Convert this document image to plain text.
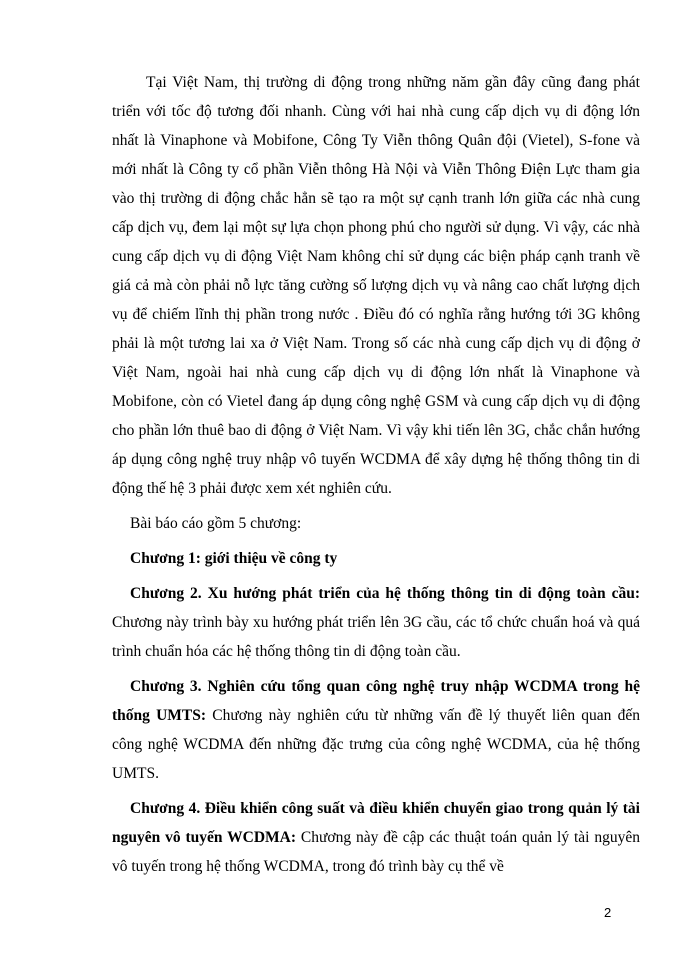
Tại Việt Nam, thị trường di động trong những năm gần đây cũng đang phát triển với tốc độ tương đối nhanh. Cùng với hai nhà cung cấp dịch vụ di động lớn nhất là Vinaphone và Mobifone, Công Ty Viễn thông Quân đội (Vietel), S-fone và mới nhất là Công ty cổ phần Viễn thông Hà Nội và Viễn Thông Điện Lực tham gia vào thị trường di động chắc hẳn sẽ tạo ra một sự cạnh tranh lớn giữa các nhà cung cấp dịch vụ, đem lại một sự lựa chọn phong phú cho người sử dụng. Vì vậy, các nhà cung cấp dịch vụ di động Việt Nam không chỉ sử dụng các biện pháp cạnh tranh về giá cả mà còn phải nỗ lực tăng cường số lượng dịch vụ và nâng cao chất lượng dịch vụ để chiếm lĩnh thị phần trong nước . Điều đó có nghĩa rằng hướng tới 3G không phải là một tương lai xa ở Việt Nam. Trong số các nhà cung cấp dịch vụ di động ở Việt Nam, ngoài hai nhà cung cấp dịch vụ di động lớn nhất là Vinaphone và Mobifone, còn có Vietel đang áp dụng công nghệ GSM và cung cấp dịch vụ di động cho phần lớn thuê bao di động ở Việt Nam. Vì vậy khi tiến lên 3G, chắc chắn hướng áp dụng công nghệ truy nhập vô tuyến WCDMA để xây dựng hệ thống thông tin di động thế hệ 3 phải được xem xét nghiên cứu.

Bài báo cáo gồm 5 chương:

Chương 1: giới thiệu về công ty

Chương 2. Xu hướng phát triển của hệ thống thông tin di động toàn cầu: Chương này trình bày xu hướng phát triển lên 3G cầu, các tổ chức chuẩn hoá và quá trình chuẩn hóa các hệ thống thông tin di động toàn cầu.

Chương 3. Nghiên cứu tổng quan công nghệ truy nhập WCDMA trong hệ thống UMTS: Chương này nghiên cứu từ những vấn đề lý thuyết liên quan đến công nghệ WCDMA đến những đặc trưng của công nghệ WCDMA, của hệ thống UMTS.

Chương 4. Điều khiển công suất và điều khiển chuyển giao trong quản lý tài nguyên vô tuyến WCDMA: Chương này đề cập các thuật toán quản lý tài nguyên vô tuyến trong hệ thống WCDMA, trong đó trình bày cụ thể về

2
